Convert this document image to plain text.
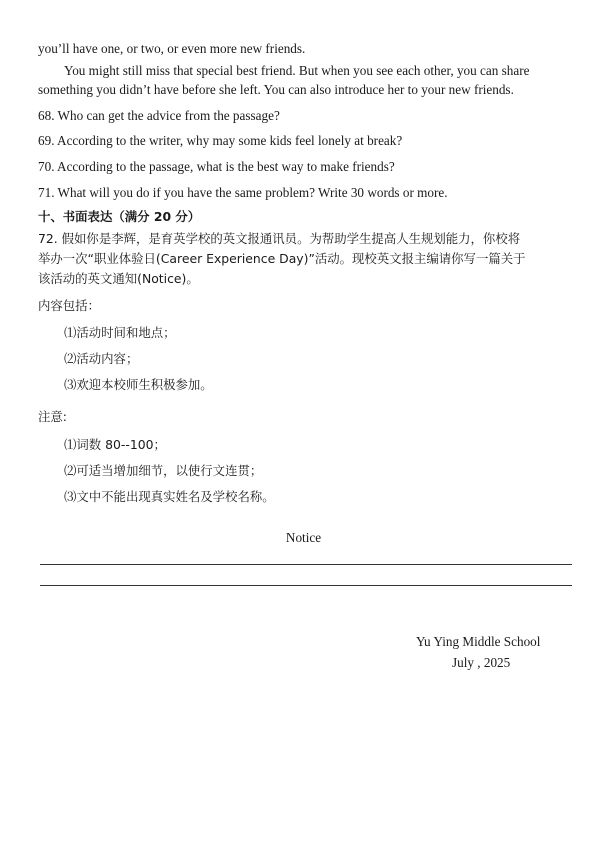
you’ll have one, or two, or even more new friends.
You might still miss that special best friend. But when you see each other, you can share
something you didn’t have before she left. You can also introduce her to your new friends.
68. Who can get the advice from the passage?
69. According to the writer, why may some kids feel lonely at break?
70. According to the passage, what is the best way to make friends?
71. What will you do if you have the same problem? Write 30 words or more.
十、书面表达（满分 20 分）
72. 假如你是李辉，是育英学校的英文报通讯员。为帮助学生提高人生规划能力，你校将
举办一次“职业体验日(Career Experience Day)”活动。现校英文报主编请你写一篇关于
该活动的英文通知(Notice)。
内容包括：
⑴活动时间和地点；
⑵活动内容；
⑶欢迎本校师生积极参加。
注意:
⑴词数 80--100；
⑵可适当增加细节，以使行文连贯；
⑶文中不能出现真实姓名及学校名称。
Notice
Yu Ying Middle School
July , 2025
